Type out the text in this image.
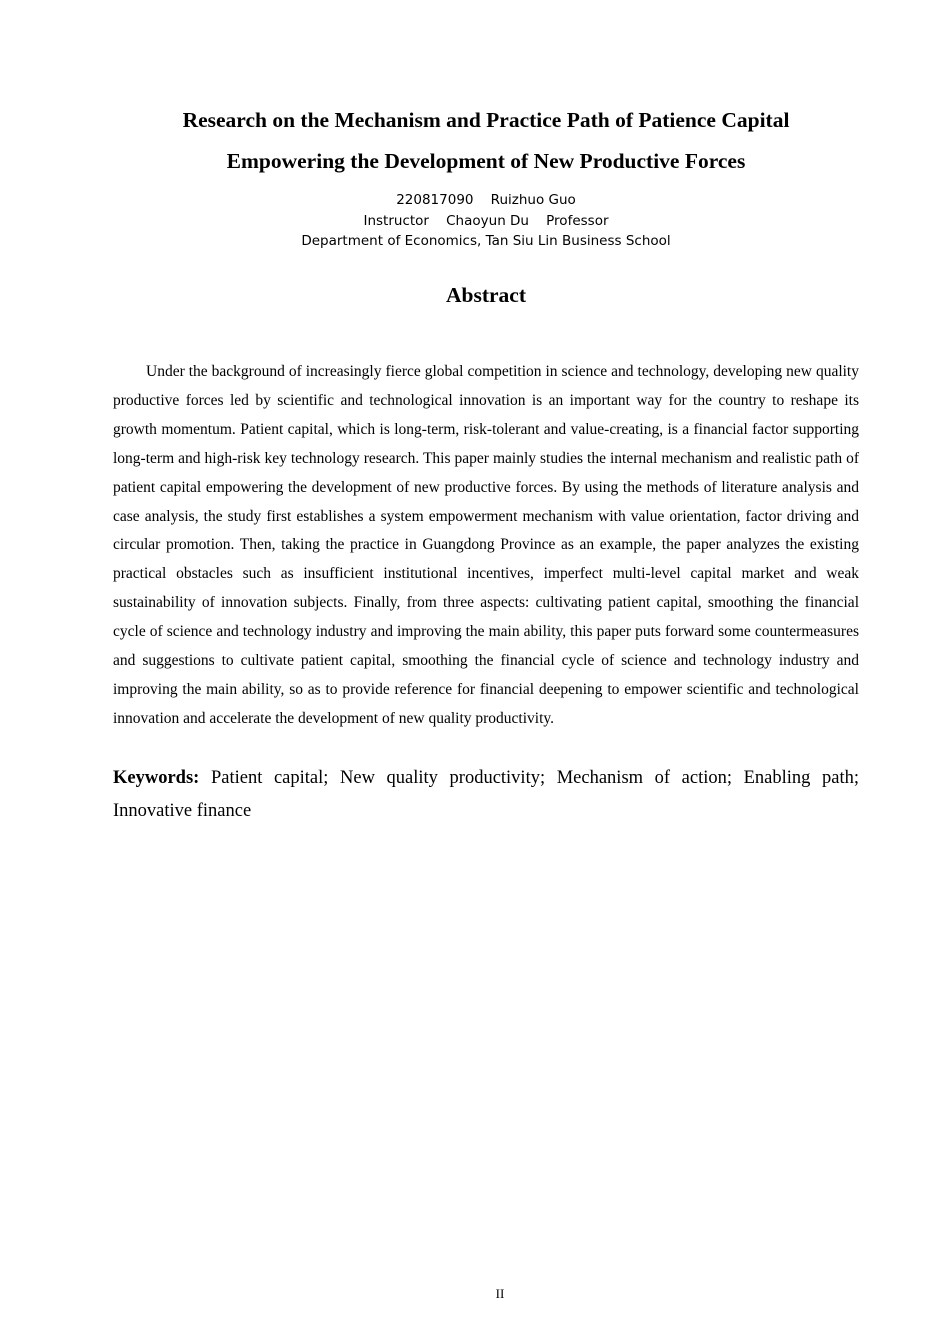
Research on the Mechanism and Practice Path of Patience Capital
Empowering the Development of New Productive Forces
220817090    Ruizhuo Guo
Instructor    Chaoyun Du    Professor
Department of Economics, Tan Siu Lin Business School
Abstract

Under the background of increasingly fierce global competition in science and technology, developing new quality productive forces led by scientific and technological innovation is an important way for the country to reshape its growth momentum. Patient capital, which is long-term, risk-tolerant and value-creating, is a financial factor supporting long-term and high-risk key technology research. This paper mainly studies the internal mechanism and realistic path of patient capital empowering the development of new productive forces. By using the methods of literature analysis and case analysis, the study first establishes a system empowerment mechanism with value orientation, factor driving and circular promotion. Then, taking the practice in Guangdong Province as an example, the paper analyzes the existing practical obstacles such as insufficient institutional incentives, imperfect multi-level capital market and weak sustainability of innovation subjects. Finally, from three aspects: cultivating patient capital, smoothing the financial cycle of science and technology industry and improving the main ability, this paper puts forward some countermeasures and suggestions to cultivate patient capital, smoothing the financial cycle of science and technology industry and improving the main ability, so as to provide reference for financial deepening to empower scientific and technological innovation and accelerate the development of new quality productivity.

Keywords: Patient capital; New quality productivity; Mechanism of action; Enabling path; Innovative finance

II
